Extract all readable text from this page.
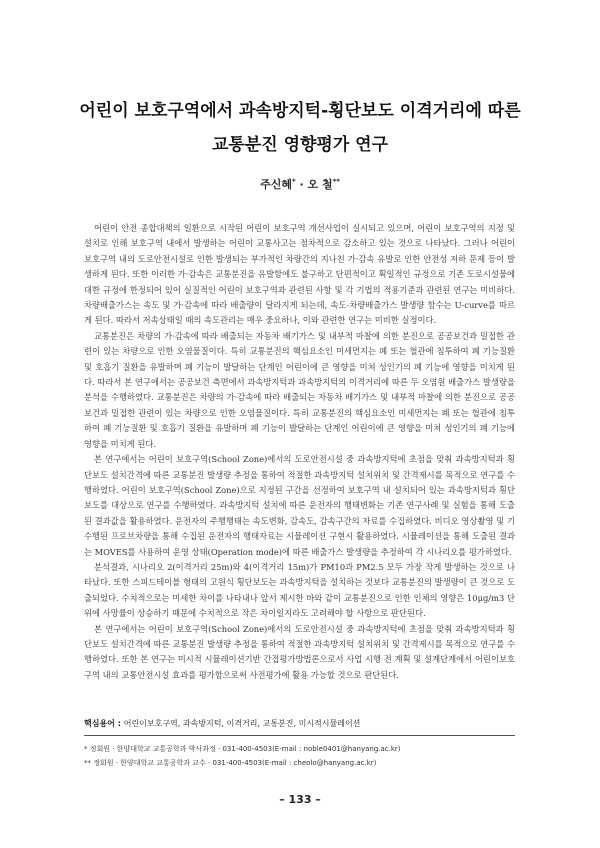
어린이 보호구역에서 과속방지턱-횡단보도 이격거리에 따른
교통분진 영향평가 연구
주신혜* · 오 철**

어린이 안전 종합대책의 일환으로 시작된 어린이 보호구역 개선사업이 실시되고 있으며, 어린이 보호구역의 지정 및 설치로 인해 보호구역 내에서 발생하는 어린이 교통사고는 점차적으로 감소하고 있는 것으로 나타났다. 그러나 어린이 보호구역 내의 도로안전시설로 인한 발생되는 부가적인 차량간의 지나친 가·감속 유발로 인한 안전성 저하 문제 등이 발생하게 된다. 또한 이러한 가·감속은 교통분진을 유발함에도 불구하고 단편적이고 획일적인 규정으로 기존 도로시설물에 대한 규정에 한정되어 있어 실질적인 어린이 보호구역과 관련된 사항 및 각 기법의 적용기준과 관련된 연구는 미비하다. 차량배출가스는 속도 및 가·감속에 따라 배출량이 달라지게 되는데, 속도-차량배출가스 발생량 함수는 U-curve를 따르게 된다. 따라서 저속상태일 때의 속도관리는 매우 중요하나, 이와 관련한 연구는 미비한 실정이다.

교통분진은 차량의 가·감속에 따라 배출되는 자동차 배기가스 및 내부적 마찰에 의한 분진으로 공공보건과 밀접한 관련이 있는 차량으로 인한 오염물질이다. 특히 교통분진의 핵심요소인 미세먼지는 폐 또는 혈관에 침투하여 폐 기능질환 및 호흡기 질환을 유발하며 폐 기능이 발달하는 단계인 어린이에 큰 영향을 미쳐 성인기의 폐 기능에 영향을 미치게 된다. 따라서 본 연구에서는 공공보건 측면에서 과속방지턱과 과속방지턱의 이격거리에 따른 두 오염원 배출가스 발생량을 분석을 수행하였다. 교통분진은 차량의 가·감속에 따라 배출되는 자동차 배기가스 및 내부적 마찰에 의한 분진으로 공공보건과 밀접한 관련이 있는 차량으로 인한 오염물질이다. 특히 교통분진의 핵심요소인 미세먼지는 폐 또는 혈관에 침투하여 폐 기능질환 및 호흡기 질환을 유발하며 폐 기능이 발달하는 단계인 어린이에 큰 영향을 미쳐 성인기의 폐 기능에 영향을 미치게 된다.

본 연구에서는 어린이 보호구역(School Zone)에서의 도로안전시설 중 과속방지턱에 초점을 맞춰 과속방지턱과 횡단보도 설치간격에 따른 교통분진 발생량 추정을 통하여 적절한 과속방지턱 설치위치 및 간격제시를 목적으로 연구를 수행하였다. 어린이 보호구역(School Zone)으로 지정된 구간을 선정하여 보호구역 내 설치되어 있는 과속방지턱과 횡단보도를 대상으로 연구를 수행하였다. 과속방지턱 설치에 따른 운전자의 행태변화는 기존 연구사례 및 실험을 통해 도출된 결과값을 활용하였다. 운전자의 주행행태는 속도변화, 감속도, 감속구간의 자료를 수집하였다. 비디오 영상촬영 및 기 수행된 프로브차량을 통해 수집된 운전자의 행태자료는 시뮬레이션 구현시 활용하였다. 시뮬레이션을 통해 도출된 결과는 MOVES를 사용하여 운영 상태(Operation mode)에 따른 배출가스 발생량을 추정하여 각 시나리오를 평가하였다.

분석결과, 시나리오 2(이격거리 25m)와 4(이격거리 15m)가 PM10과 PM2.5 모두 가장 작게 발생하는 것으로 나타났다. 또한 스피드테이블 형태의 고원식 횡단보도는 과속방지턱을 설치하는 것보다 교통분진의 발생량이 큰 것으로 도출되었다. 수치적으로는 미세한 차이를 나타내나 앞서 제시한 바와 같이 교통분진으로 인한 인체의 영향은 10μg/m3 단위에 사망률이 상승하기 때문에 수치적으로 작은 차이일지라도 고려해야 할 사항으로 판단된다.

본 연구에서는 어린이 보호구역(School Zone)에서의 도로안전시설 중 과속방지턱에 초점을 맞춰 과속방지턱과 횡단보도 설치간격에 따른 교통분진 발생량 추정을 통하여 적절한 과속방지턱 설치위치 및 간격제시를 목적으로 연구를 수행하였다. 또한 본 연구는 미시적 시뮬레이션기반 간접평가방법론으로서 사업 시행 전 계획 및 설계단계에서 어린이보호구역 내의 교통안전시설 효과를 평가함으로써 사전평가에 활용 가능할 것으로 판단된다.

핵심용어 : 어린이보호구역, 과속방지턱, 이격거리, 교통분진, 미시적시뮬레이션
* 정회원 · 한양대학교 교통공학과 박사과정 · 031-400-4503(E-mail : noble0401@hanyang.ac.kr)
** 정회원 · 한양대학교 교통공학과 교수 · 031-400-4503(E-mail : cheolo@hanyang.ac.kr)
– 133 –
